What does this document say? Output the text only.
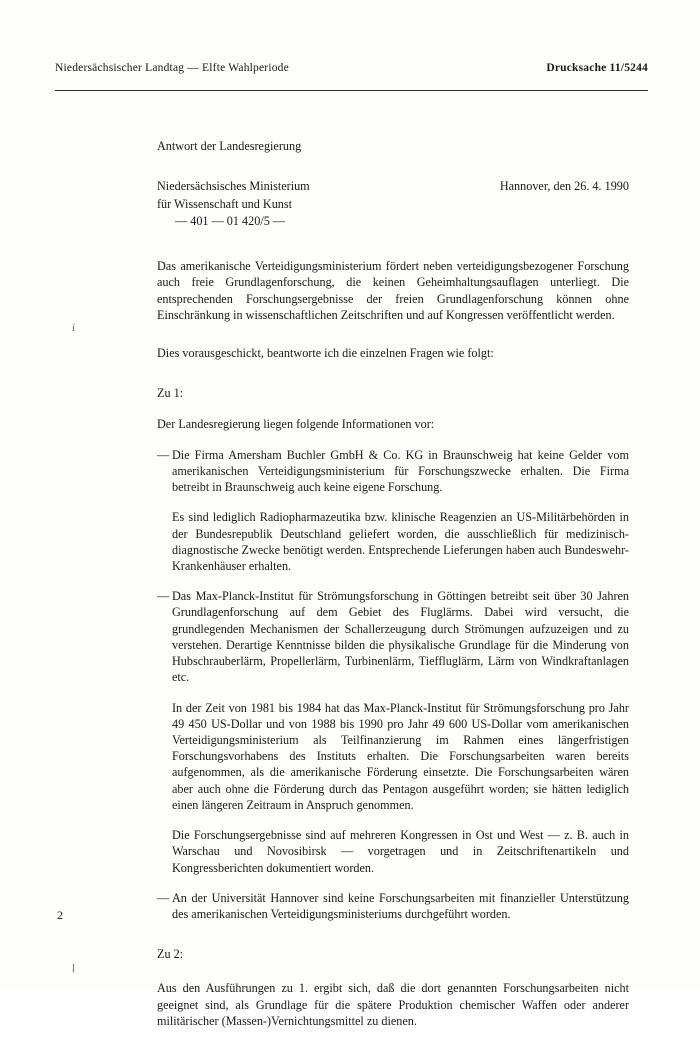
Niedersächsischer Landtag — Elfte Wahlperiode	Drucksache 11/5244
Antwort der Landesregierung
Niedersächsisches Ministerium
für Wissenschaft und Kunst
— 401 — 01 420/5 —
Hannover, den 26. 4. 1990

Das amerikanische Verteidigungsministerium fördert neben verteidigungsbezogener Forschung auch freie Grundlagenforschung, die keinen Geheimhaltungsauflagen unterliegt. Die entsprechenden Forschungsergebnisse der freien Grundlagenforschung können ohne Einschränkung in wissenschaftlichen Zeitschriften und auf Kongressen veröffentlicht werden.

Dies vorausgeschickt, beantworte ich die einzelnen Fragen wie folgt:

Zu 1:

Der Landesregierung liegen folgende Informationen vor:

— Die Firma Amersham Buchler GmbH & Co. KG in Braunschweig hat keine Gelder vom amerikanischen Verteidigungsministerium für Forschungszwecke erhalten. Die Firma betreibt in Braunschweig auch keine eigene Forschung.

Es sind lediglich Radiopharmazeutika bzw. klinische Reagenzien an US-Militärbehörden in der Bundesrepublik Deutschland geliefert worden, die ausschließlich für medizinisch-diagnostische Zwecke benötigt werden. Entsprechende Lieferungen haben auch Bundeswehr-Krankenhäuser erhalten.

— Das Max-Planck-Institut für Strömungsforschung in Göttingen betreibt seit über 30 Jahren Grundlagenforschung auf dem Gebiet des Fluglärms. Dabei wird versucht, die grundlegenden Mechanismen der Schallerzeugung durch Strömungen aufzuzeigen und zu verstehen. Derartige Kenntnisse bilden die physikalische Grundlage für die Minderung von Hubschrauberlärm, Propellerlärm, Turbinenlärm, Tieffluglärm, Lärm von Windkraftanlagen etc.

In der Zeit von 1981 bis 1984 hat das Max-Planck-Institut für Strömungsforschung pro Jahr 49 450 US-Dollar und von 1988 bis 1990 pro Jahr 49 600 US-Dollar vom amerikanischen Verteidigungsministerium als Teilfinanzierung im Rahmen eines längerfristigen Forschungsvorhabens des Instituts erhalten. Die Forschungsarbeiten waren bereits aufgenommen, als die amerikanische Förderung einsetzte. Die Forschungsarbeiten wären aber auch ohne die Förderung durch das Pentagon ausgeführt worden; sie hätten lediglich einen längeren Zeitraum in Anspruch genommen.

Die Forschungsergebnisse sind auf mehreren Kongressen in Ost und West — z. B. auch in Warschau und Novosibirsk — vorgetragen und in Zeitschriftenartikeln und Kongressberichten dokumentiert worden.

— An der Universität Hannover sind keine Forschungsarbeiten mit finanzieller Unterstützung des amerikanischen Verteidigungsministeriums durchgeführt worden.
Zu 2:

Aus den Ausführungen zu 1. ergibt sich, daß die dort genannten Forschungsarbeiten nicht geeignet sind, als Grundlage für die spätere Produktion chemischer Waffen oder anderer militärischer (Massen-)Vernichtungsmittel zu dienen.

2
í
ļ
